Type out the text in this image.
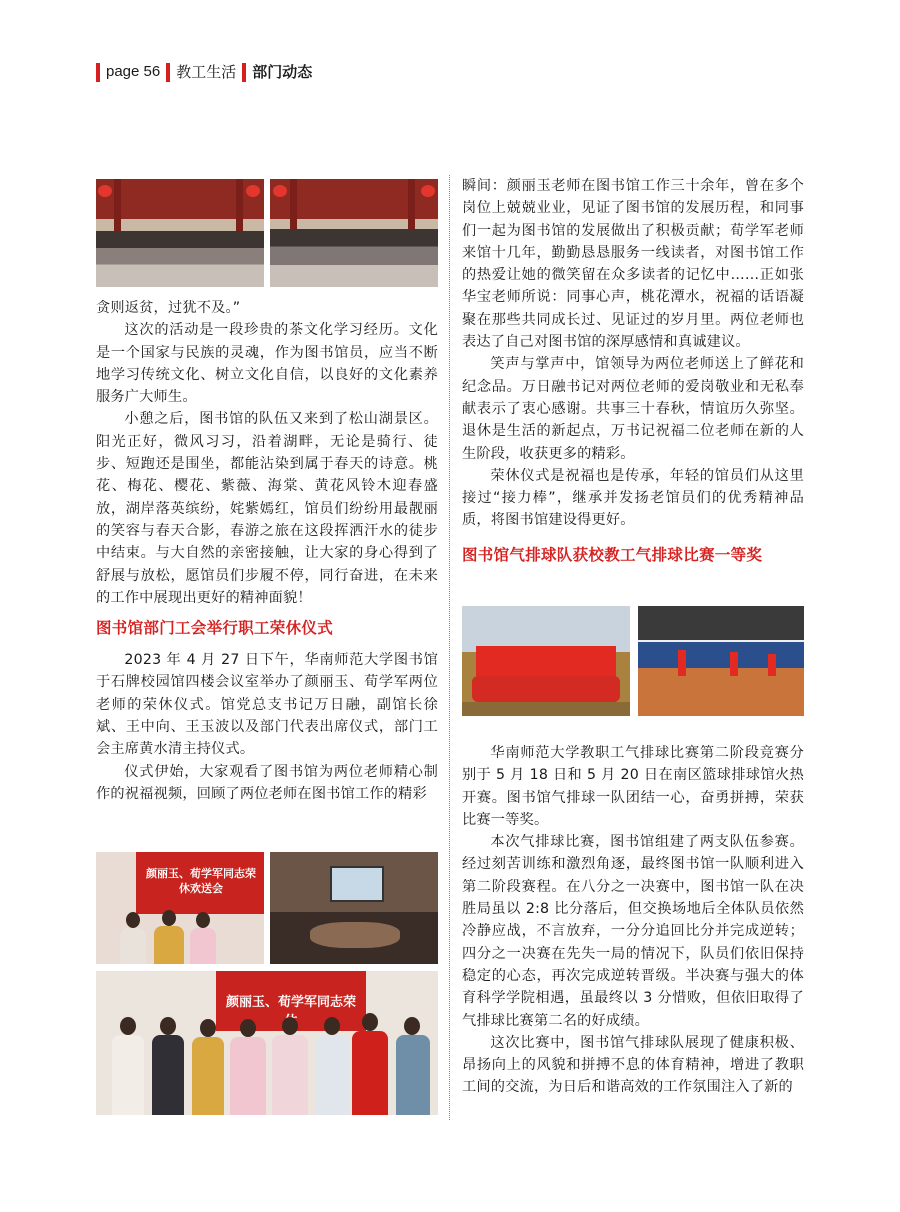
page 56 教工生活 部门动态

贪则返贫，过犹不及。”

这次的活动是一段珍贵的茶文化学习经历。文化是一个国家与民族的灵魂，作为图书馆员，应当不断地学习传统文化、树立文化自信，以良好的文化素养服务广大师生。

小憩之后，图书馆的队伍又来到了松山湖景区。阳光正好，微风习习，沿着湖畔，无论是骑行、徒步、短跑还是围坐，都能沾染到属于春天的诗意。桃花、梅花、樱花、紫薇、海棠、黄花风铃木迎春盛放，湖岸落英缤纷，姹紫嫣红，馆员们纷纷用最靓丽的笑容与春天合影，春游之旅在这段挥洒汗水的徒步中结束。与大自然的亲密接触，让大家的身心得到了舒展与放松，愿馆员们步履不停，同行奋进，在未来的工作中展现出更好的精神面貌！

图书馆部门工会举行职工荣休仪式

2023 年 4 月 27 日下午，华南师范大学图书馆于石牌校园馆四楼会议室举办了颜丽玉、荀学军两位老师的荣休仪式。馆党总支书记万日融，副馆长徐斌、王中向、王玉波以及部门代表出席仪式，部门工会主席黄水清主持仪式。

仪式伊始，大家观看了图书馆为两位老师精心制作的祝福视频，回顾了两位老师在图书馆工作的精彩

颜丽玉、荀学军同志荣休欢送会
颜丽玉、荀学军同志荣

瞬间：颜丽玉老师在图书馆工作三十余年，曾在多个岗位上兢兢业业，见证了图书馆的发展历程，和同事们一起为图书馆的发展做出了积极贡献；荀学军老师来馆十几年，勤勤恳恳服务一线读者，对图书馆工作的热爱让她的微笑留在众多读者的记忆中……正如张华宝老师所说：同事心声，桃花潭水，祝福的话语凝聚在那些共同成长过、见证过的岁月里。两位老师也表达了自己对图书馆的深厚感情和真诚建议。

笑声与掌声中，馆领导为两位老师送上了鲜花和纪念品。万日融书记对两位老师的爱岗敬业和无私奉献表示了衷心感谢。共事三十春秋，情谊历久弥坚。退休是生活的新起点，万书记祝福二位老师在新的人生阶段，收获更多的精彩。

荣休仪式是祝福也是传承，年轻的馆员们从这里接过“接力棒”，继承并发扬老馆员们的优秀精神品质，将图书馆建设得更好。

图书馆气排球队获校教工气排球比赛一等奖

华南师范大学教职工气排球比赛第二阶段竞赛分别于 5 月 18 日和 5 月 20 日在南区篮球排球馆火热开赛。图书馆气排球一队团结一心，奋勇拼搏，荣获比赛一等奖。

本次气排球比赛，图书馆组建了两支队伍参赛。经过刻苦训练和激烈角逐，最终图书馆一队顺利进入第二阶段赛程。在八分之一决赛中，图书馆一队在决胜局虽以 2:8 比分落后，但交换场地后全体队员依然冷静应战，不言放弃，一分分追回比分并完成逆转；四分之一决赛在先失一局的情况下，队员们依旧保持稳定的心态，再次完成逆转晋级。半决赛与强大的体育科学学院相遇，虽最终以 3 分惜败，但依旧取得了气排球比赛第二名的好成绩。

这次比赛中，图书馆气排球队展现了健康积极、昂扬向上的风貌和拼搏不息的体育精神，增进了教职工间的交流，为日后和谐高效的工作氛围注入了新的
